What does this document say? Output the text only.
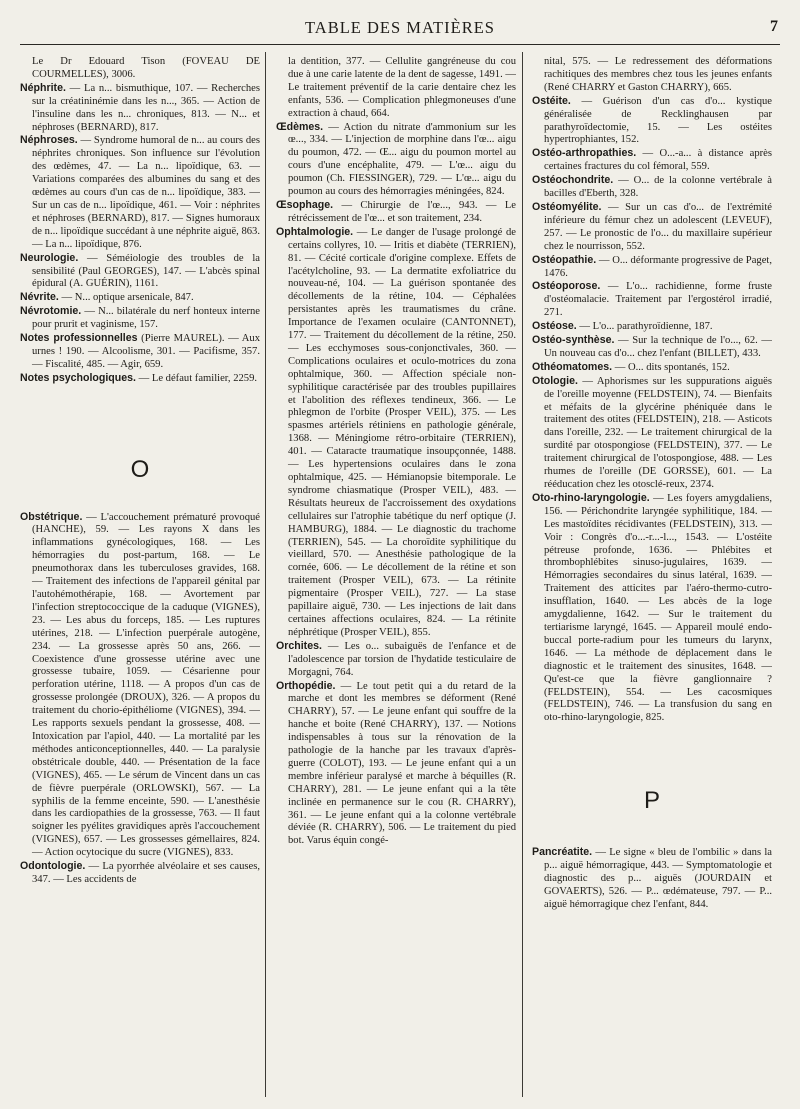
TABLE DES MATIÈRES	7

Le Dr Edouard Tison (FOVEAU DE COURMELLES), 3006.

Néphrite. — La n... bismuthique, 107. — Recherches sur la créatininémie dans les n..., 365. — Action de l'insuline dans les n... chroniques, 813. — N... et néphroses (BERNARD), 817.

Néphroses. — Syndrome humoral de n... au cours des néphrites chroniques. Son influence sur l'évolution des œdèmes, 47. — La n... lipoïdique, 63. — Variations comparées des albumines du sang et des œdèmes au cours d'un cas de n... lipoïdique, 383. — Sur un cas de n... lipoïdique, 461. — Voir : néphrites et néphroses (BERNARD), 817. — Signes humoraux de n... lipoïdique succédant à une néphrite aiguë, 863. — La n... lipoïdique, 876.

Neurologie. — Séméiologie des troubles de la sensibilité (Paul GEORGES), 147. — L'abcès spinal épidural (A. GUÉRIN), 1161.

Névrite. — N... optique arsenicale, 847.

Névrotomie. — N... bilatérale du nerf honteux interne pour prurit et vaginisme, 157.

Notes professionnelles (Pierre MAUREL). — Aux urnes ! 190. — Alcoolisme, 301. — Pacifisme, 357. — Fiscalité, 485. — Agir, 659.

Notes psychologiques. — Le défaut familier, 2259.

O

Obstétrique. — L'accouchement prématuré provoqué (HANCHE), 59. — Les rayons X dans les inflammations gynécologiques, 168. — Les hémorragies du post-partum, 168. — Le pneumothorax dans les tuberculoses gravides, 168. — Traitement des infections de l'appareil génital par l'autohémothérapie, 168. — Avortement par l'infection streptococcique de la caduque (VIGNES), 23. — Les abus du forceps, 185. — Les ruptures utérines, 218. — L'infection puerpérale autogène, 234. — La grossesse après 50 ans, 266. — Coexistence d'une grossesse utérine avec une grossesse tubaire, 1059. — Césarienne pour perforation utérine, 1118. — A propos d'un cas de grossesse prolongée (DROUX), 326. — A propos du traitement du chorio-épithéliome (VIGNES), 394. — Les rapports sexuels pendant la grossesse, 408. — Intoxication par l'apiol, 440. — La mortalité par les méthodes anticonceptionnelles, 440. — La paralysie obstétricale double, 440. — Présentation de la face (VIGNES), 465. — Le sérum de Vincent dans un cas de fièvre puerpérale (ORLOWSKI), 567. — La syphilis de la femme enceinte, 590. — L'anesthésie dans les cardiopathies de la grossesse, 763. — Il faut soigner les pyélites gravidiques après l'accouchement (VIGNES), 657. — Les grossesses gémellaires, 824. — Action ocytocique du sucre (VIGNES), 833.

Odontologie. — La pyorrhée alvéolaire et ses causes, 347. — Les accidents de

la dentition, 377. — Cellulite gangréneuse du cou due à une carie latente de la dent de sagesse, 1491. — Le traitement préventif de la carie dentaire chez les enfants, 536. — Complication phlegmoneuses d'une extraction à chaud, 664.

Œdèmes. — Action du nitrate d'ammonium sur les œ..., 334. — L'injection de morphine dans l'œ... aigu du poumon, 472. — Œ... aigu du poumon mortel au cours d'une encéphalite, 479. — L'œ... aigu du poumon (Ch. FIESSINGER), 729. — L'œ... aigu du poumon au cours des hémorragies méningées, 824.

Œsophage. — Chirurgie de l'œ..., 943. — Le rétrécissement de l'œ... et son traitement, 234.

Ophtalmologie. — Le danger de l'usage prolongé de certains collyres, 10. — Iritis et diabète (TERRIEN), 81. — Cécité corticale d'origine complexe. Effets de l'acétylcholine, 93. — La dermatite exfoliatrice du nouveau-né, 104. — La guérison spontanée des décollements de la rétine, 104. — Céphalées persistantes après les traumatismes du crâne. Importance de l'examen oculaire (CANTONNET), 177. — Traitement du décollement de la rétine, 250. — Les ecchymoses sous-conjonctivales, 360. — Complications oculaires et oculo-motrices du zona ophtalmique, 360. — Affection spéciale non-syphilitique caractérisée par des troubles pupillaires et l'abolition des réflexes tendineux, 366. — Le phlegmon de l'orbite (Prosper VEIL), 375. — Les spasmes artériels rétiniens en pathologie générale, 1368. — Méningiome rétro-orbitaire (TERRIEN), 401. — Cataracte traumatique insoupçonnée, 1488. — Les hypertensions oculaires dans le zona ophtalmique, 425. — Hémianopsie bitemporale. Le syndrome chiasmatique (Prosper VEIL), 483. — Résultats heureux de l'accroissement des oxydations cellulaires sur l'atrophie tabétique du nerf optique (J. HAMBURG), 1884. — Le diagnostic du trachome (TERRIEN), 545. — La choroïdite syphilitique du vieillard, 570. — Anesthésie pathologique de la cornée, 606. — Le décollement de la rétine et son traitement (Prosper VEIL), 673. — La rétinite pigmentaire (Prosper VEIL), 727. — La stase papillaire aiguë, 730. — Les injections de lait dans certaines affections oculaires, 824. — La rétinite néphrétique (Prosper VEIL), 855.

Orchites. — Les o... subaiguës de l'enfance et de l'adolescence par torsion de l'hydatide testiculaire de Morgagni, 764.

Orthopédie. — Le tout petit qui a du retard de la marche et dont les membres se déforment (René CHARRY), 57. — Le jeune enfant qui souffre de la hanche et boite (René CHARRY), 137. — Notions indispensables à tous sur la rénovation de la pathologie de la hanche par les travaux d'après-guerre (COLOT), 193. — Le jeune enfant qui a un membre inférieur paralysé et marche à béquilles (R. CHARRY), 281. — Le jeune enfant qui a la tête inclinée en permanence sur le cou (R. CHARRY), 361. — Le jeune enfant qui a la colonne vertébrale déviée (R. CHARRY), 506. — Le traitement du pied bot. Varus équin congé-

nital, 575. — Le redressement des déformations rachitiques des membres chez tous les jeunes enfants (René CHARRY et Gaston CHARRY), 665.

Ostéite. — Guérison d'un cas d'o... kystique généralisée de Recklinghausen par parathyroïdectomie, 15. — Les ostéites hypertrophiantes, 152.

Ostéo-arthropathies. — O...-a... à distance après certaines fractures du col fémoral, 559.

Ostéochondrite. — O... de la colonne vertébrale à bacilles d'Eberth, 328.

Ostéomyélite. — Sur un cas d'o... de l'extrémité inférieure du fémur chez un adolescent (LEVEUF), 257. — Le pronostic de l'o... du maxillaire supérieur chez le nourrisson, 552.

Ostéopathie. — O... déformante progressive de Paget, 1476.

Ostéoporose. — L'o... rachidienne, forme fruste d'ostéomalacie. Traitement par l'ergostérol irradié, 271.

Ostéose. — L'o... parathyroïdienne, 187.

Ostéo-synthèse. — Sur la technique de l'o..., 62. — Un nouveau cas d'o... chez l'enfant (BILLET), 433.

Othéomatomes. — O... dits spontanés, 152.

Otologie. — Aphorismes sur les suppurations aiguës de l'oreille moyenne (FELDSTEIN), 74. — Bienfaits et méfaits de la glycérine phéniquée dans le traitement des otites (FELDSTEIN), 218. — Asticots dans l'oreille, 232. — Le traitement chirurgical de la surdité par otospongiose (FELDSTEIN), 377. — Le traitement chirurgical de l'otospongiose, 488. — Les rhumes de l'oreille (DE GORSSE), 601. — La rééducation chez les otosclé-reux, 2374.

Oto-rhino-laryngologie. — Les foyers amygdaliens, 156. — Périchondrite laryngée syphilitique, 184. — Les mastoïdites récidivantes (FELDSTEIN), 313. — Voir : Congrès d'o...-r...-l..., 1543. — L'ostéite pétreuse profonde, 1636. — Phlébites et thrombophlébites sinuso-jugulaires, 1639. — Hémorragies secondaires du sinus latéral, 1639. — Traitement des atticites par l'aéro-thermo-cutro-insufflation, 1640. — Les abcès de la loge amygdalienne, 1642. — Sur le traitement du tertiarisme laryngé, 1645. — Appareil moulé endo-buccal porte-radium pour les tumeurs du larynx, 1646. — La méthode de déplacement dans le diagnostic et le traitement des sinusites, 1648. — Qu'est-ce que la fièvre ganglionnaire ? (FELDSTEIN), 554. — Les cacosmiques (FELDSTEIN), 746. — La transfusion du sang en oto-rhino-laryngologie, 825.

P

Pancréatite. — Le signe « bleu de l'ombilic » dans la p... aiguë hémorragique, 443. — Symptomatologie et diagnostic des p... aiguës (JOURDAIN et GOVAERTS), 526. — P... œdémateuse, 797. — P... aiguë hémorragique chez l'enfant, 844.
